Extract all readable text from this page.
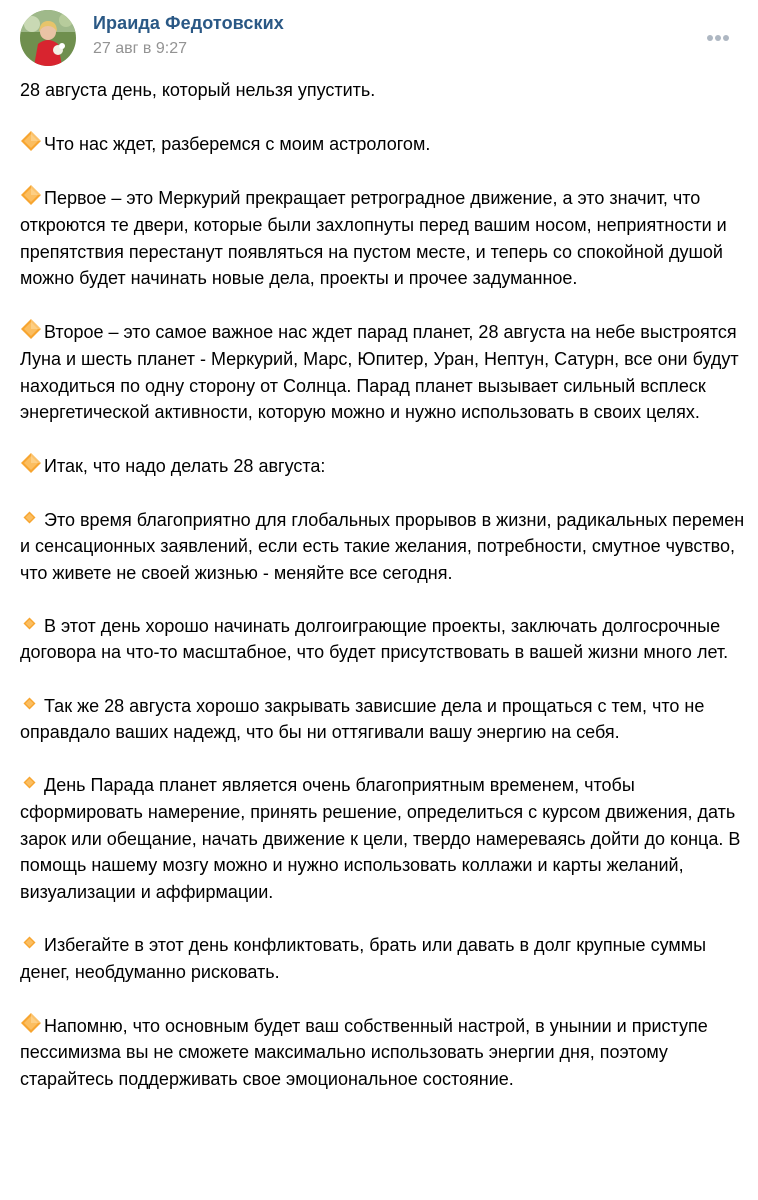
Ираида Федотовских
27 авг в 9:27
28 августа день, который нельзя упустить.
Что нас ждет, разберемся с моим астрологом.
Первое – это Меркурий прекращает ретроградное движение, а это значит, что откроются те двери, которые были захлопнуты перед вашим носом, неприятности и препятствия перестанут появляться на пустом месте, и теперь со спокойной душой можно будет начинать новые дела, проекты и прочее задуманное.
Второе – это самое важное нас ждет парад планет, 28 августа на небе выстроятся Луна и шесть планет - Меркурий, Марс, Юпитер, Уран, Нептун, Сатурн, все они будут находиться по одну сторону от Солнца. Парад планет вызывает сильный всплеск энергетической активности, которую можно и нужно использовать в своих целях.
Итак, что надо делать 28 августа:
Это время благоприятно для глобальных прорывов в жизни, радикальных перемен и сенсационных заявлений, если есть такие желания, потребности, смутное чувство, что живете не своей жизнью - меняйте все сегодня.
В этот день хорошо начинать долгоиграющие проекты, заключать долгосрочные договора на что-то масштабное, что будет присутствовать в вашей жизни много лет.
Так же 28 августа хорошо закрывать зависшие дела и прощаться с тем, что не оправдало ваших надежд, что бы ни оттягивали вашу энергию на себя.
День Парада планет является очень благоприятным временем, чтобы сформировать намерение, принять решение, определиться с курсом движения, дать зарок или обещание, начать движение к цели, твердо намереваясь дойти до конца. В помощь нашему мозгу можно и нужно использовать коллажи и карты желаний, визуализации и аффирмации.
Избегайте в этот день конфликтовать, брать или давать в долг крупные суммы денег, необдуманно рисковать.
Напомню, что основным будет ваш собственный настрой, в унынии и приступе пессимизма вы не сможете максимально использовать энергии дня, поэтому старайтесь поддерживать свое эмоциональное состояние.
